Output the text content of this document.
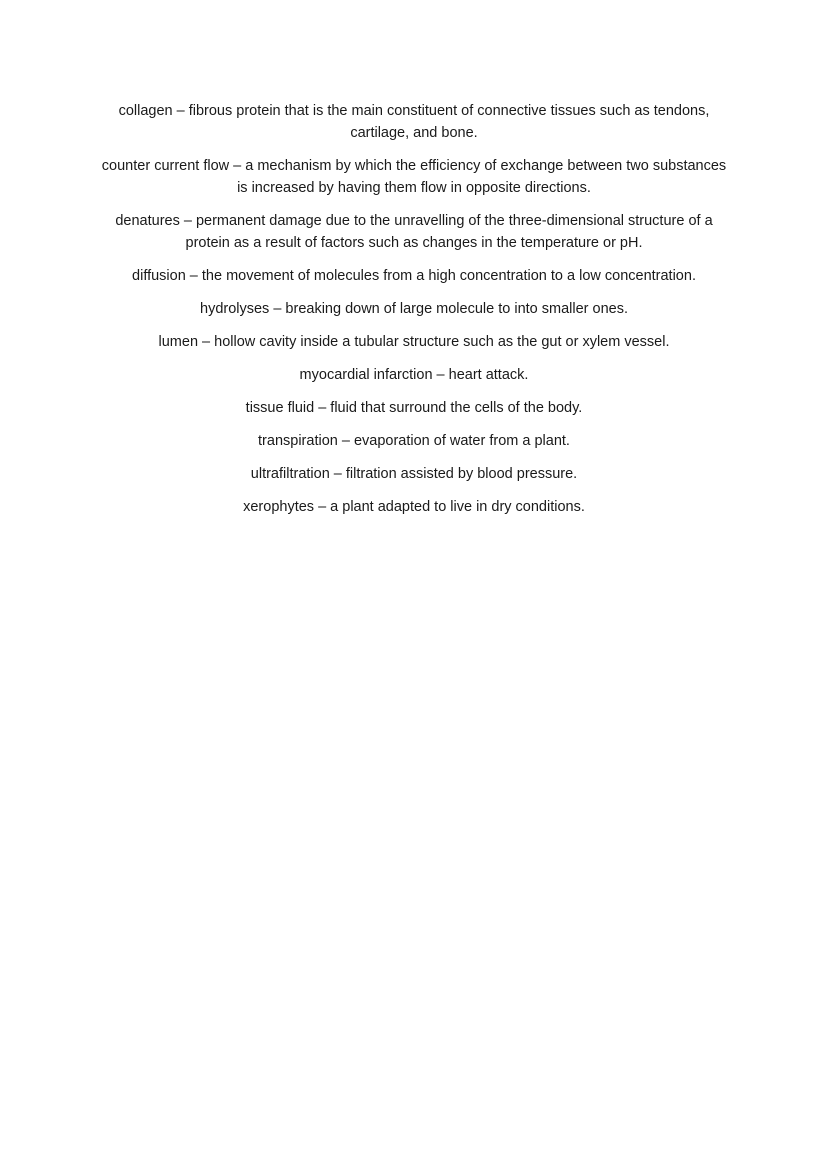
collagen – fibrous protein that is the main constituent of connective tissues such as tendons, cartilage, and bone.

counter current flow – a mechanism by which the efficiency of exchange between two substances is increased by having them flow in opposite directions.

denatures – permanent damage due to the unravelling of the three-dimensional structure of a protein as a result of factors such as changes in the temperature or pH.

diffusion – the movement of molecules from a high concentration to a low concentration.

hydrolyses – breaking down of large molecule to into smaller ones.

lumen – hollow cavity inside a tubular structure such as the gut or xylem vessel.

myocardial infarction – heart attack.

tissue fluid – fluid that surround the cells of the body.

transpiration – evaporation of water from a plant.

ultrafiltration – filtration assisted by blood pressure.

xerophytes – a plant adapted to live in dry conditions.
